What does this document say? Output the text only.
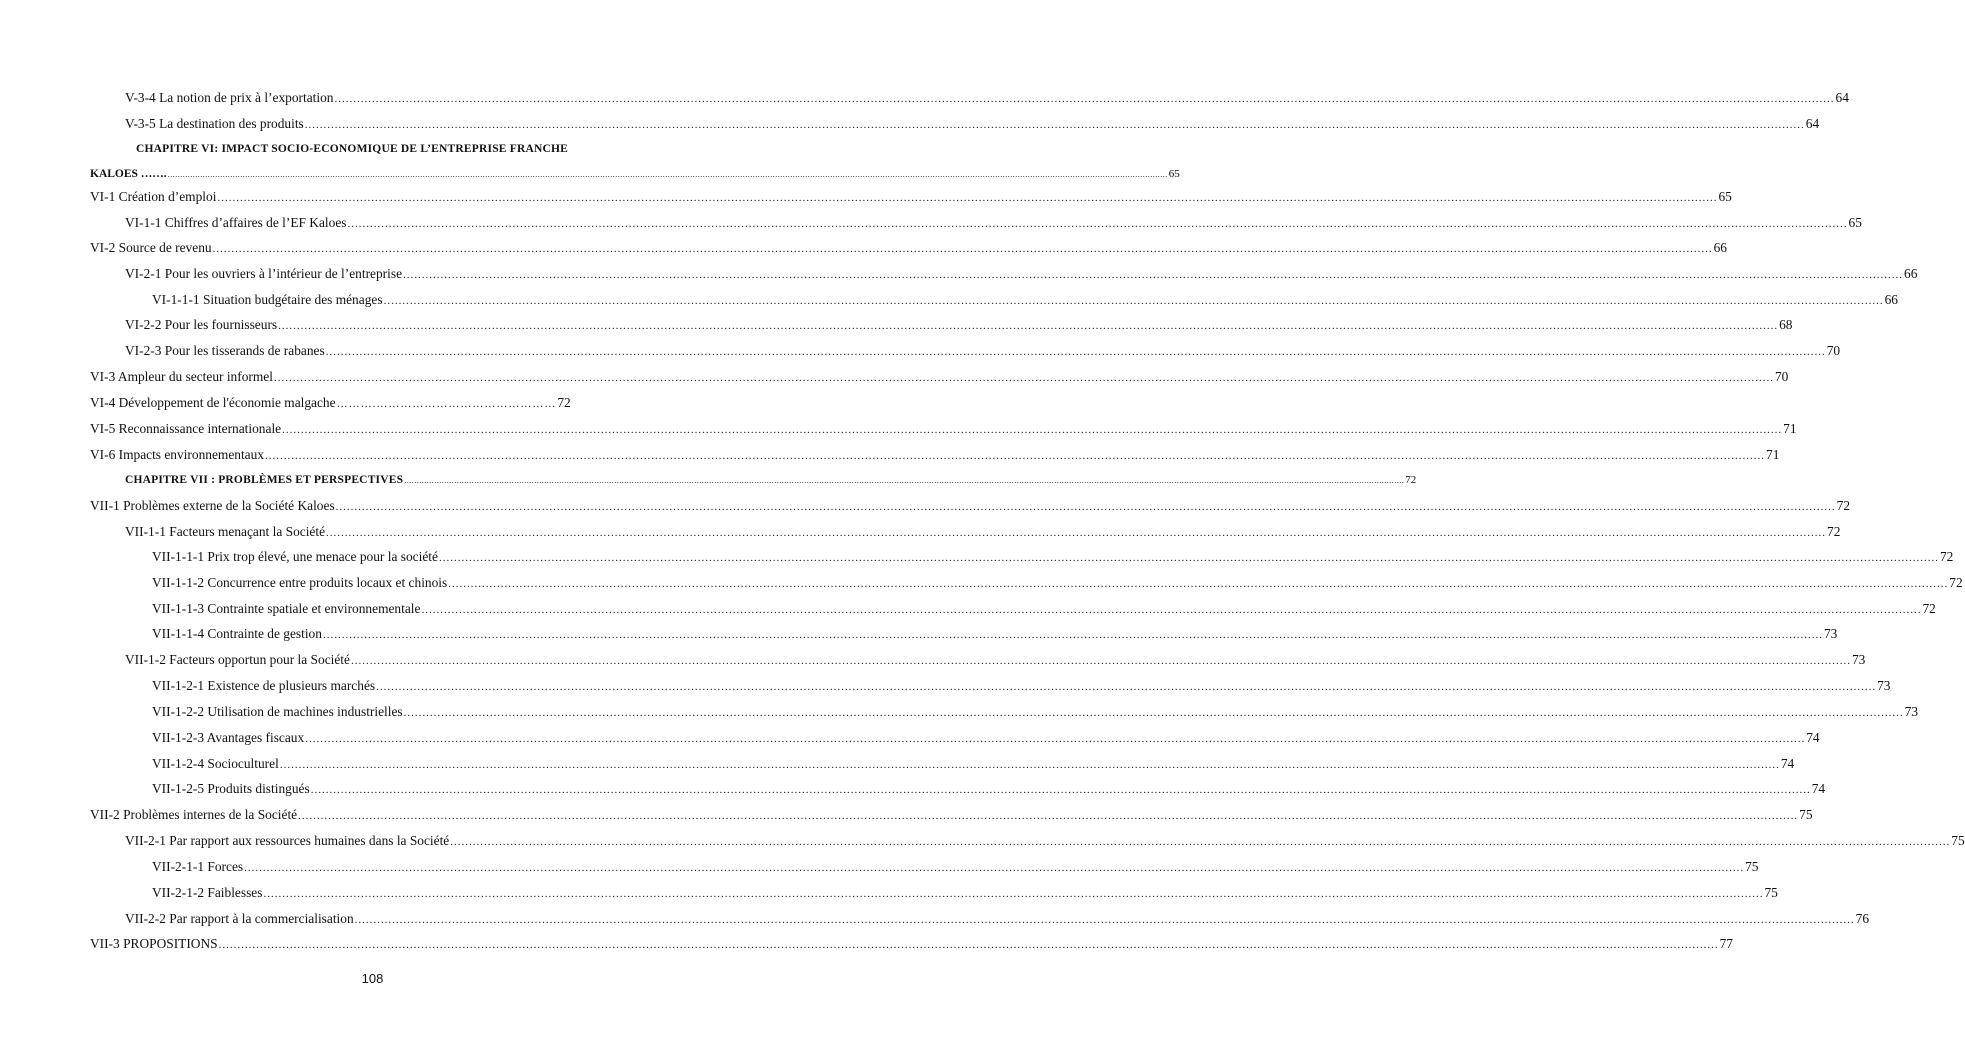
V-3-4 La notion de prix à l’exportation ................................................................................................................................................................................................................................................................................................................................................................................................................ 64
V-3-5 La destination des produits ................................................................................................................................................................................................................................................................................................................................................................................................................ 64
CHAPITRE VI: IMPACT SOCIO-ECONOMIQUE DE L’ENTREPRISE FRANCHE
KALOES ……. ................................................................................................................................................................................................................................................................................................................................................................................................................ 65
VI-1 Création d’emploi ................................................................................................................................................................................................................................................................................................................................................................................................................ 65
VI-1-1 Chiffres d’affaires de l’EF Kaloes ................................................................................................................................................................................................................................................................................................................................................................................................................ 65
VI-2 Source de revenu ................................................................................................................................................................................................................................................................................................................................................................................................................ 66
VI-2-1 Pour les ouvriers à l’intérieur de l’entreprise ................................................................................................................................................................................................................................................................................................................................................................................................................ 66
VI-1-1-1 Situation budgétaire des ménages ................................................................................................................................................................................................................................................................................................................................................................................................................ 66
VI-2-2 Pour les fournisseurs ................................................................................................................................................................................................................................................................................................................................................................................................................ 68
VI-2-3 Pour les tisserands de rabanes ................................................................................................................................................................................................................................................................................................................................................................................................................ 70
VI-3 Ampleur du secteur informel ................................................................................................................................................................................................................................................................................................................................................................................................................ 70
VI-4 Développement de l'économie malgache ……….……………………………………… 72
VI-5 Reconnaissance internationale ................................................................................................................................................................................................................................................................................................................................................................................................................ 71
VI-6 Impacts environnementaux ................................................................................................................................................................................................................................................................................................................................................................................................................ 71
CHAPITRE VII : PROBLÈMES ET PERSPECTIVES ................................................................................................................................................................................................................................................................................................................................................................................................................ 72
VII-1 Problèmes externe de la Société Kaloes ................................................................................................................................................................................................................................................................................................................................................................................................................ 72
VII-1-1 Facteurs menaçant la Société ................................................................................................................................................................................................................................................................................................................................................................................................................ 72
VII-1-1-1 Prix trop élevé, une menace pour la société ................................................................................................................................................................................................................................................................................................................................................................................................................ 72
VII-1-1-2 Concurrence entre produits locaux et chinois ................................................................................................................................................................................................................................................................................................................................................................................................................ 72
VII-1-1-3 Contrainte spatiale et environnementale ................................................................................................................................................................................................................................................................................................................................................................................................................ 72
VII-1-1-4 Contrainte de gestion ................................................................................................................................................................................................................................................................................................................................................................................................................ 73
VII-1-2 Facteurs opportun pour la Société ................................................................................................................................................................................................................................................................................................................................................................................................................ 73
VII-1-2-1 Existence de plusieurs marchés ................................................................................................................................................................................................................................................................................................................................................................................................................ 73
VII-1-2-2 Utilisation de machines industrielles ................................................................................................................................................................................................................................................................................................................................................................................................................ 73
VII-1-2-3 Avantages fiscaux ................................................................................................................................................................................................................................................................................................................................................................................................................ 74
VII-1-2-4 Socioculturel ................................................................................................................................................................................................................................................................................................................................................................................................................ 74
VII-1-2-5 Produits distingués ................................................................................................................................................................................................................................................................................................................................................................................................................ 74
VII-2 Problèmes internes de la Société ................................................................................................................................................................................................................................................................................................................................................................................................................ 75
VII-2-1 Par rapport aux ressources humaines dans la Société ................................................................................................................................................................................................................................................................................................................................................................................................................ 75
VII-2-1-1 Forces ................................................................................................................................................................................................................................................................................................................................................................................................................ 75
VII-2-1-2 Faiblesses ................................................................................................................................................................................................................................................................................................................................................................................................................ 75
VII-2-2 Par rapport à la commercialisation ................................................................................................................................................................................................................................................................................................................................................................................................................ 76
VII-3 PROPOSITIONS ................................................................................................................................................................................................................................................................................................................................................................................................................ 77
108
